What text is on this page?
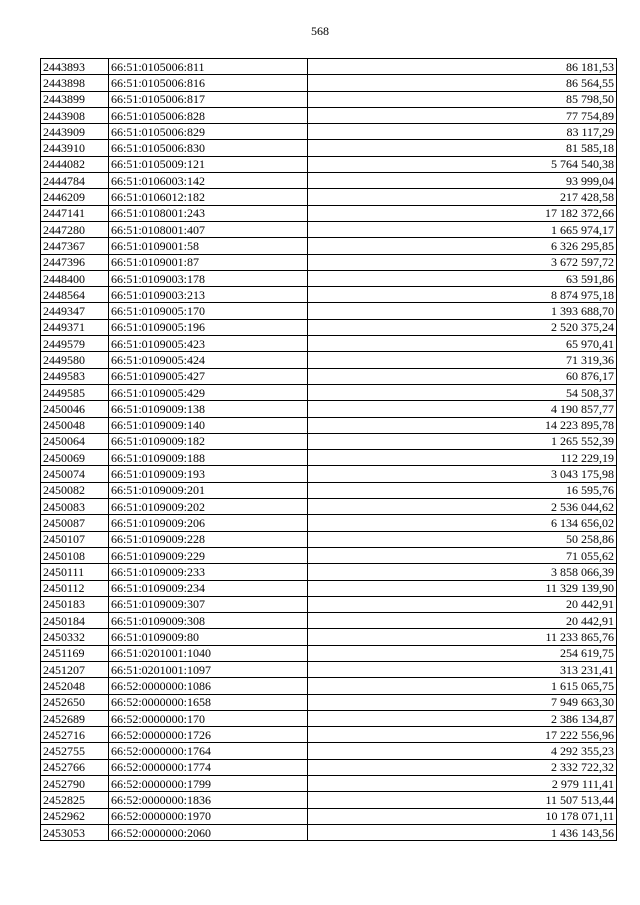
568
2443893	66:51:0105006:811	86 181,53
2443898	66:51:0105006:816	86 564,55
2443899	66:51:0105006:817	85 798,50
2443908	66:51:0105006:828	77 754,89
2443909	66:51:0105006:829	83 117,29
2443910	66:51:0105006:830	81 585,18
2444082	66:51:0105009:121	5 764 540,38
2444784	66:51:0106003:142	93 999,04
2446209	66:51:0106012:182	217 428,58
2447141	66:51:0108001:243	17 182 372,66
2447280	66:51:0108001:407	1 665 974,17
2447367	66:51:0109001:58	6 326 295,85
2447396	66:51:0109001:87	3 672 597,72
2448400	66:51:0109003:178	63 591,86
2448564	66:51:0109003:213	8 874 975,18
2449347	66:51:0109005:170	1 393 688,70
2449371	66:51:0109005:196	2 520 375,24
2449579	66:51:0109005:423	65 970,41
2449580	66:51:0109005:424	71 319,36
2449583	66:51:0109005:427	60 876,17
2449585	66:51:0109005:429	54 508,37
2450046	66:51:0109009:138	4 190 857,77
2450048	66:51:0109009:140	14 223 895,78
2450064	66:51:0109009:182	1 265 552,39
2450069	66:51:0109009:188	112 229,19
2450074	66:51:0109009:193	3 043 175,98
2450082	66:51:0109009:201	16 595,76
2450083	66:51:0109009:202	2 536 044,62
2450087	66:51:0109009:206	6 134 656,02
2450107	66:51:0109009:228	50 258,86
2450108	66:51:0109009:229	71 055,62
2450111	66:51:0109009:233	3 858 066,39
2450112	66:51:0109009:234	11 329 139,90
2450183	66:51:0109009:307	20 442,91
2450184	66:51:0109009:308	20 442,91
2450332	66:51:0109009:80	11 233 865,76
2451169	66:51:0201001:1040	254 619,75
2451207	66:51:0201001:1097	313 231,41
2452048	66:52:0000000:1086	1 615 065,75
2452650	66:52:0000000:1658	7 949 663,30
2452689	66:52:0000000:170	2 386 134,87
2452716	66:52:0000000:1726	17 222 556,96
2452755	66:52:0000000:1764	4 292 355,23
2452766	66:52:0000000:1774	2 332 722,32
2452790	66:52:0000000:1799	2 979 111,41
2452825	66:52:0000000:1836	11 507 513,44
2452962	66:52:0000000:1970	10 178 071,11
2453053	66:52:0000000:2060	1 436 143,56
